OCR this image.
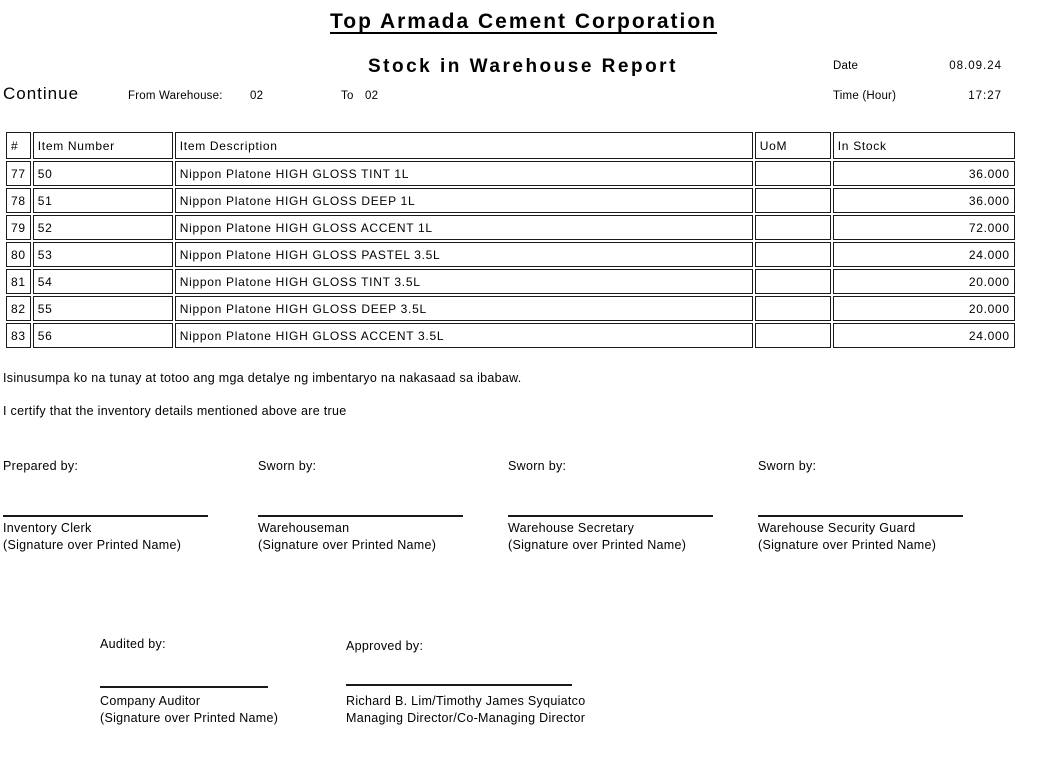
Top Armada Cement Corporation
Stock in Warehouse Report
Continue	From Warehouse: 02	To 02
Date	08.09.24
Time (Hour)	17:27
#	Item Number	Item Description	UoM	In Stock
77	50	Nippon Platone HIGH GLOSS TINT 1L		36.000
78	51	Nippon Platone HIGH GLOSS DEEP 1L		36.000
79	52	Nippon Platone HIGH GLOSS ACCENT 1L		72.000
80	53	Nippon Platone HIGH GLOSS PASTEL 3.5L		24.000
81	54	Nippon Platone HIGH GLOSS TINT 3.5L		20.000
82	55	Nippon Platone HIGH GLOSS DEEP 3.5L		20.000
83	56	Nippon Platone HIGH GLOSS ACCENT 3.5L		24.000
Isinusumpa ko na tunay at totoo ang mga detalye ng imbentaryo na nakasaad sa ibabaw.
I certify that the inventory details mentioned above are true
Prepared by:
Inventory Clerk
(Signature over Printed Name)
Sworn by:
Warehouseman
(Signature over Printed Name)
Sworn by:
Warehouse Secretary
(Signature over Printed Name)
Sworn by:
Warehouse Security Guard
(Signature over Printed Name)
Audited by:
Company Auditor
(Signature over Printed Name)
Approved by:
Richard B. Lim/Timothy James Syquiatco
Managing Director/Co-Managing Director
